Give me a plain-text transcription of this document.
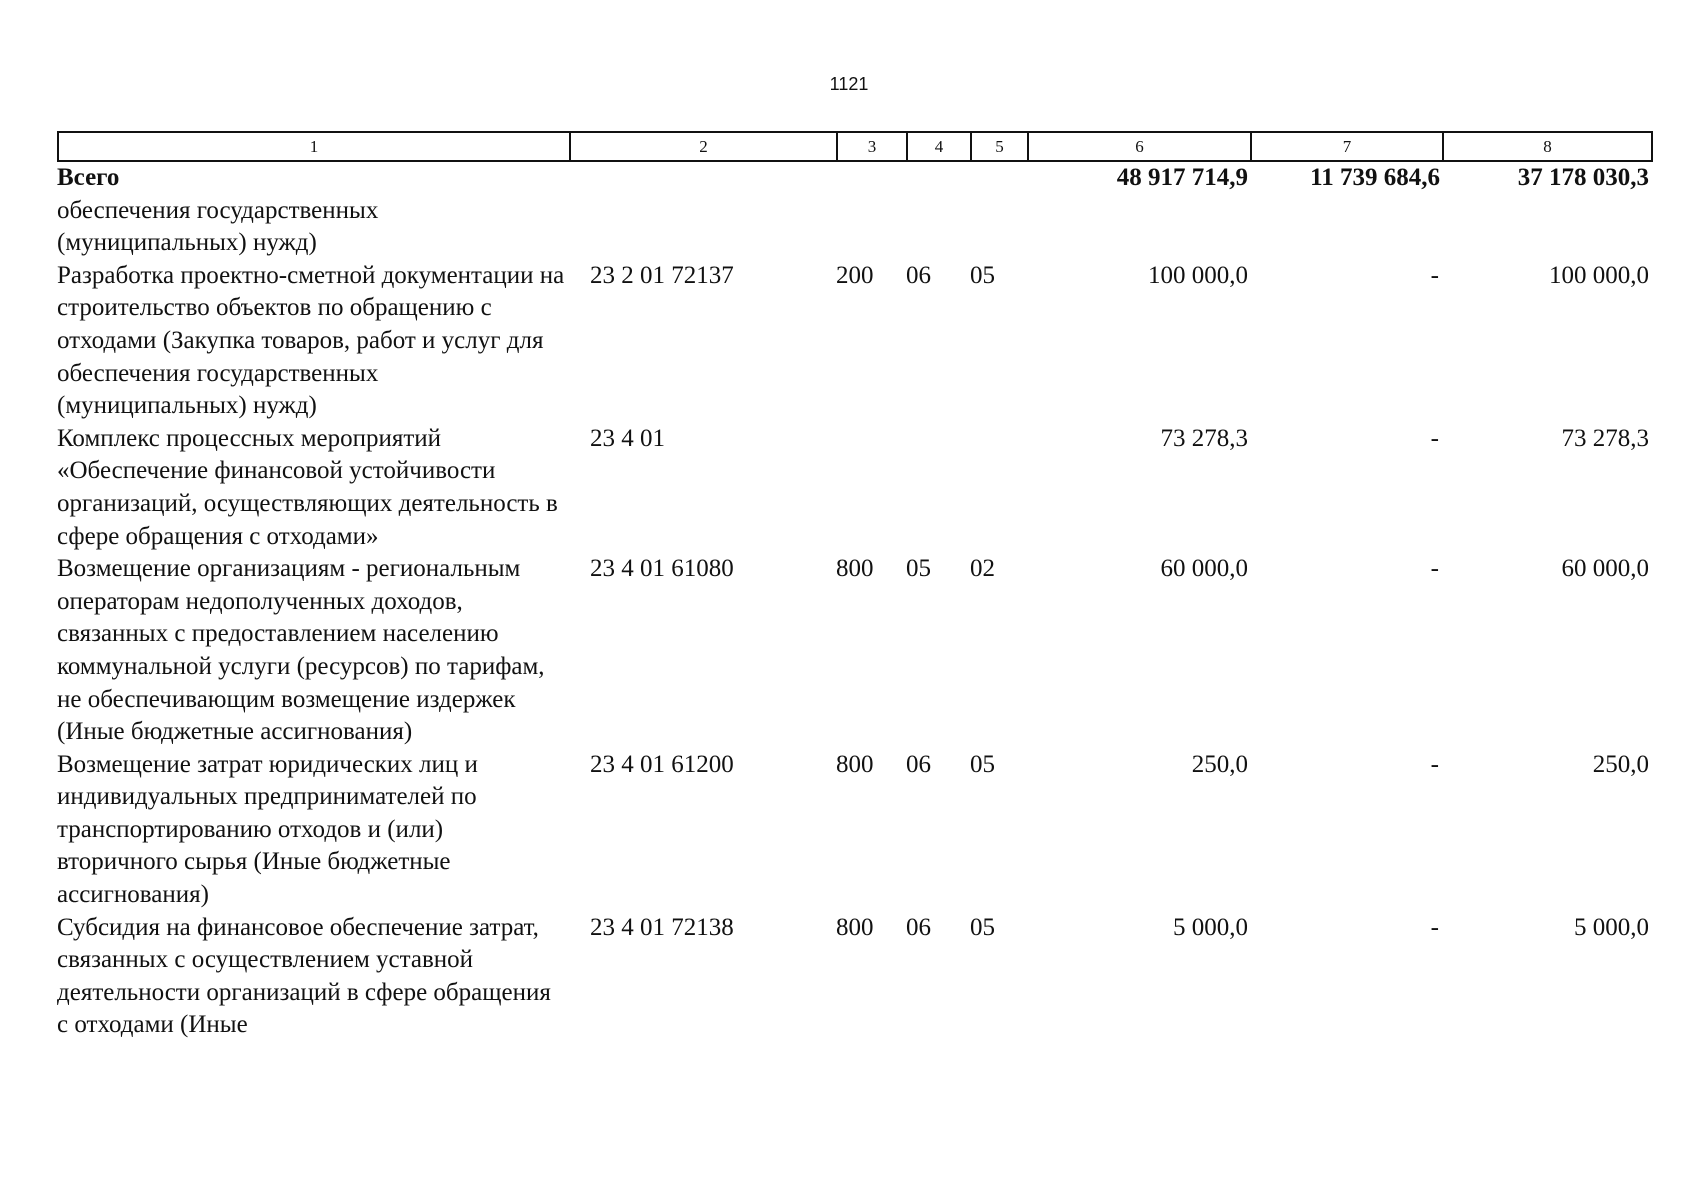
1121
1	2	3	4	5	6	7	8
Всего					48 917 714,9	11 739 684,6	37 178 030,3
обеспечения государственных (муниципальных) нужд)							
Разработка проектно-сметной документации на строительство объектов по обращению с отходами (Закупка товаров, работ и услуг для обеспечения государственных (муниципальных) нужд)	23 2 01 72137	200	06	05	100 000,0	-	100 000,0
Комплекс процессных мероприятий «Обеспечение финансовой устойчивости организаций, осуществляющих деятельность в сфере обращения с отходами»	23 4 01				73 278,3	-	73 278,3
Возмещение организациям - региональным операторам недополученных доходов, связанных с предоставлением населению коммунальной услуги (ресурсов) по тарифам, не обеспечивающим возмещение издержек (Иные бюджетные ассигнования)	23 4 01 61080	800	05	02	60 000,0	-	60 000,0
Возмещение затрат юридических лиц и индивидуальных предпринимателей по транспортированию отходов и (или) вторичного сырья (Иные бюджетные ассигнования)	23 4 01 61200	800	06	05	250,0	-	250,0
Субсидия на финансовое обеспечение затрат, связанных с осуществлением уставной деятельности организаций в сфере обращения с отходами (Иные	23 4 01 72138	800	06	05	5 000,0	-	5 000,0
